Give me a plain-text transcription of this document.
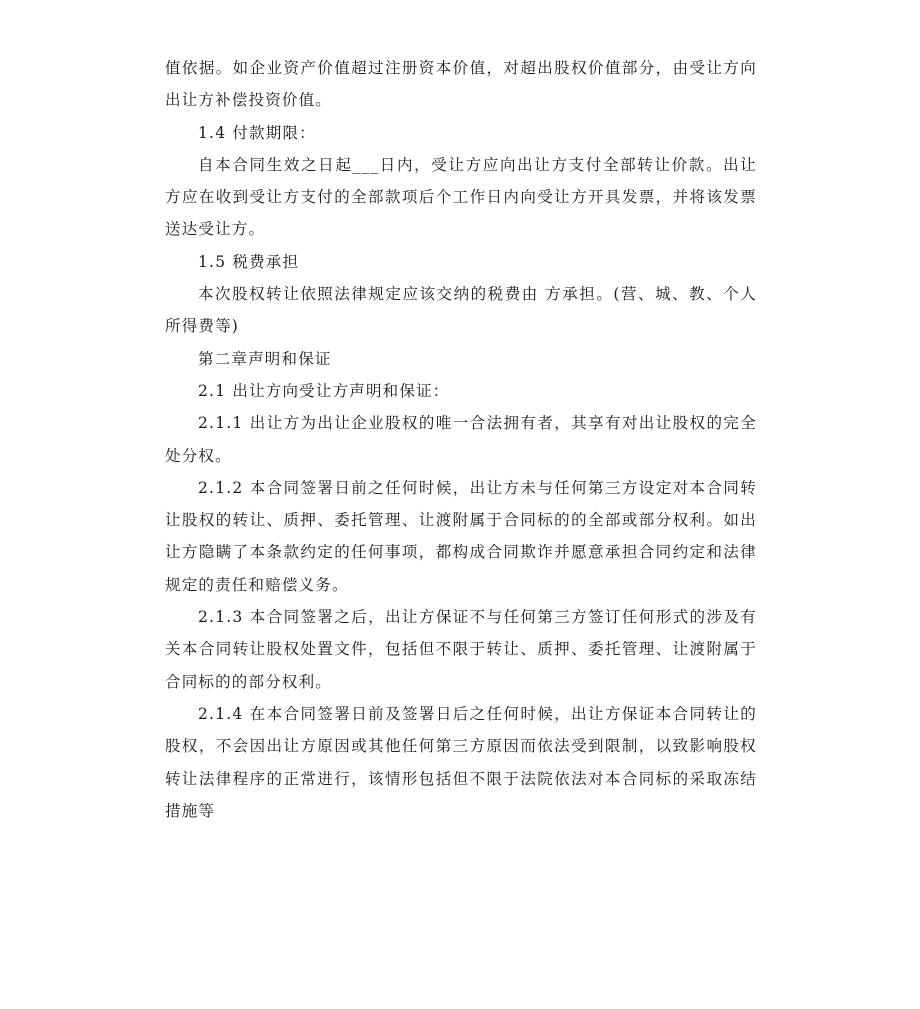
值依据。如企业资产价值超过注册资本价值，对超出股权价值部分，由受让方向出让方补偿投资价值。

1.4 付款期限：

自本合同生效之日起___日内，受让方应向出让方支付全部转让价款。出让方应在收到受让方支付的全部款项后个工作日内向受让方开具发票，并将该发票送达受让方。

1.5 税费承担

本次股权转让依照法律规定应该交纳的税费由 方承担。(营、城、教、个人所得费等)

第二章声明和保证

2.1 出让方向受让方声明和保证：

2.1.1 出让方为出让企业股权的唯一合法拥有者，其享有对出让股权的完全处分权。

2.1.2 本合同签署日前之任何时候，出让方未与任何第三方设定对本合同转让股权的转让、质押、委托管理、让渡附属于合同标的的全部或部分权利。如出让方隐瞒了本条款约定的任何事项，都构成合同欺诈并愿意承担合同约定和法律规定的责任和赔偿义务。

2.1.3 本合同签署之后，出让方保证不与任何第三方签订任何形式的涉及有关本合同转让股权处置文件，包括但不限于转让、质押、委托管理、让渡附属于合同标的的部分权利。

2.1.4 在本合同签署日前及签署日后之任何时候，出让方保证本合同转让的股权，不会因出让方原因或其他任何第三方原因而依法受到限制，以致影响股权转让法律程序的正常进行，该情形包括但不限于法院依法对本合同标的采取冻结措施等
